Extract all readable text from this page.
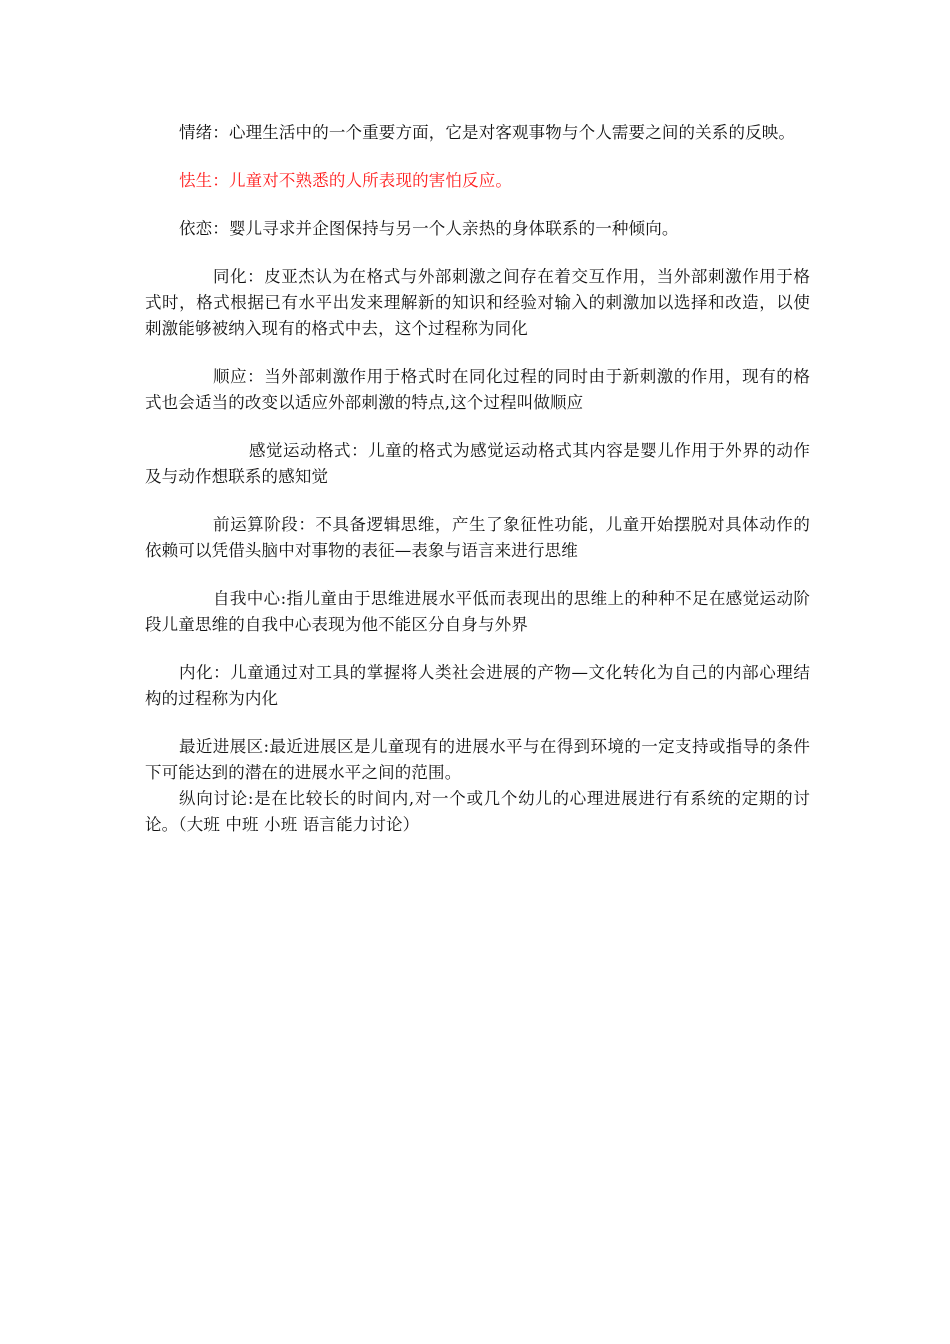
情绪：心理生活中的一个重要方面，它是对客观事物与个人需要之间的关系的反映。

怯生：儿童对不熟悉的人所表现的害怕反应。

依恋：婴儿寻求并企图保持与另一个人亲热的身体联系的一种倾向。

同化：皮亚杰认为在格式与外部刺激之间存在着交互作用，当外部刺激作用于格式时，格式根据已有水平出发来理解新的知识和经验对输入的刺激加以选择和改造，以使刺激能够被纳入现有的格式中去，这个过程称为同化

顺应：当外部刺激作用于格式时在同化过程的同时由于新刺激的作用，现有的格式也会适当的改变以适应外部刺激的特点,这个过程叫做顺应

感觉运动格式：儿童的格式为感觉运动格式其内容是婴儿作用于外界的动作及与动作想联系的感知觉

前运算阶段：不具备逻辑思维，产生了象征性功能，儿童开始摆脱对具体动作的依赖可以凭借头脑中对事物的表征—表象与语言来进行思维

自我中心:指儿童由于思维进展水平低而表现出的思维上的种种不足在感觉运动阶段儿童思维的自我中心表现为他不能区分自身与外界

内化：儿童通过对工具的掌握将人类社会进展的产物—文化转化为自己的内部心理结构的过程称为内化

最近进展区:最近进展区是儿童现有的进展水平与在得到环境的一定支持或指导的条件下可能达到的潜在的进展水平之间的范围。

纵向讨论:是在比较长的时间内,对一个或几个幼儿的心理进展进行有系统的定期的讨论。（大班 中班 小班 语言能力讨论）
